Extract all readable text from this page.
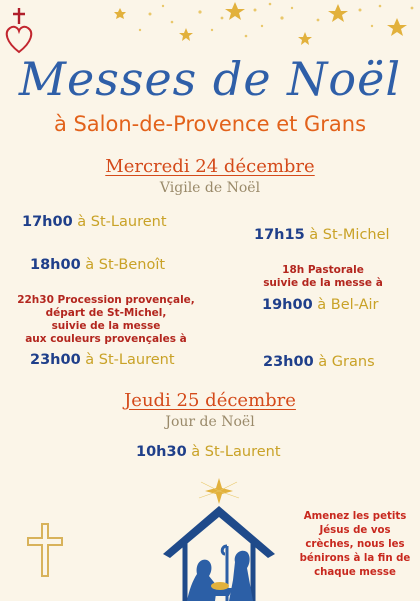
Messes de Noël
à Salon-de-Provence et Grans
Mercredi 24 décembre
Vigile de Noël
17h00 à St-Laurent
18h00 à St-Benoît
22h30 Procession provençale,
départ de St-Michel,
suivie de la messe
aux couleurs provençales à
23h00 à St-Laurent
17h15 à St-Michel
18h Pastorale
suivie de la messe à
19h00 à Bel-Air
23h00 à Grans
Jeudi 25 décembre
Jour de Noël
10h30 à St-Laurent
Amenez les petits
Jésus de vos
crèches, nous les
bénirons à la fin de
chaque messe
